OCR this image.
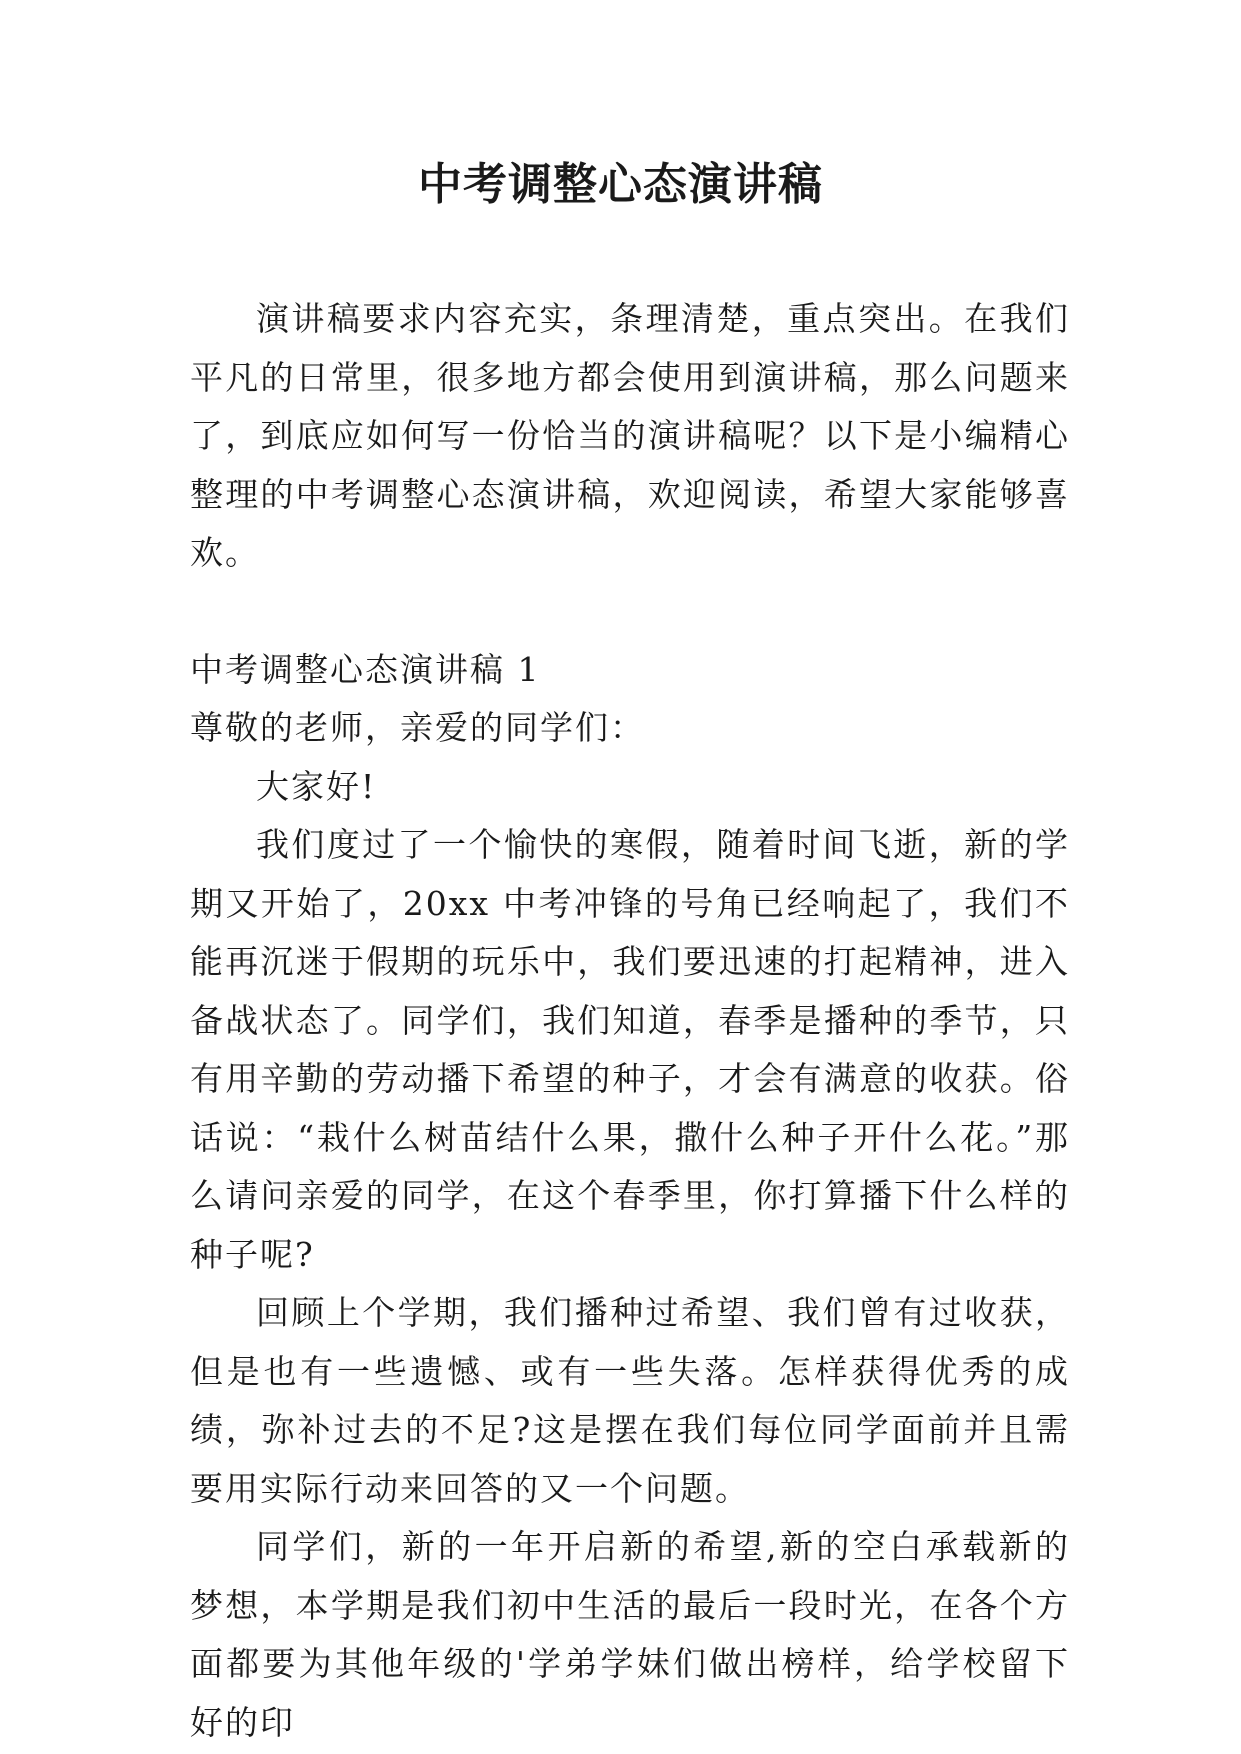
中考调整心态演讲稿

演讲稿要求内容充实，条理清楚，重点突出。在我们平凡的日常里，很多地方都会使用到演讲稿，那么问题来了，到底应如何写一份恰当的演讲稿呢？以下是小编精心整理的中考调整心态演讲稿，欢迎阅读，希望大家能够喜欢。

中考调整心态演讲稿 1

尊敬的老师，亲爱的同学们：

大家好!

我们度过了一个愉快的寒假，随着时间飞逝，新的学期又开始了，20xx 中考冲锋的号角已经响起了，我们不能再沉迷于假期的玩乐中，我们要迅速的打起精神，进入备战状态了。同学们，我们知道，春季是播种的季节，只有用辛勤的劳动播下希望的种子，才会有满意的收获。俗话说：“栽什么树苗结什么果，撒什么种子开什么花。”那么请问亲爱的同学，在这个春季里，你打算播下什么样的种子呢?

回顾上个学期，我们播种过希望、我们曾有过收获，但是也有一些遗憾、或有一些失落。怎样获得优秀的成绩，弥补过去的不足?这是摆在我们每位同学面前并且需要用实际行动来回答的又一个问题。

同学们，新的一年开启新的希望,新的空白承载新的梦想，本学期是我们初中生活的最后一段时光，在各个方面都要为其他年级的'学弟学妹们做出榜样，给学校留下好的印
